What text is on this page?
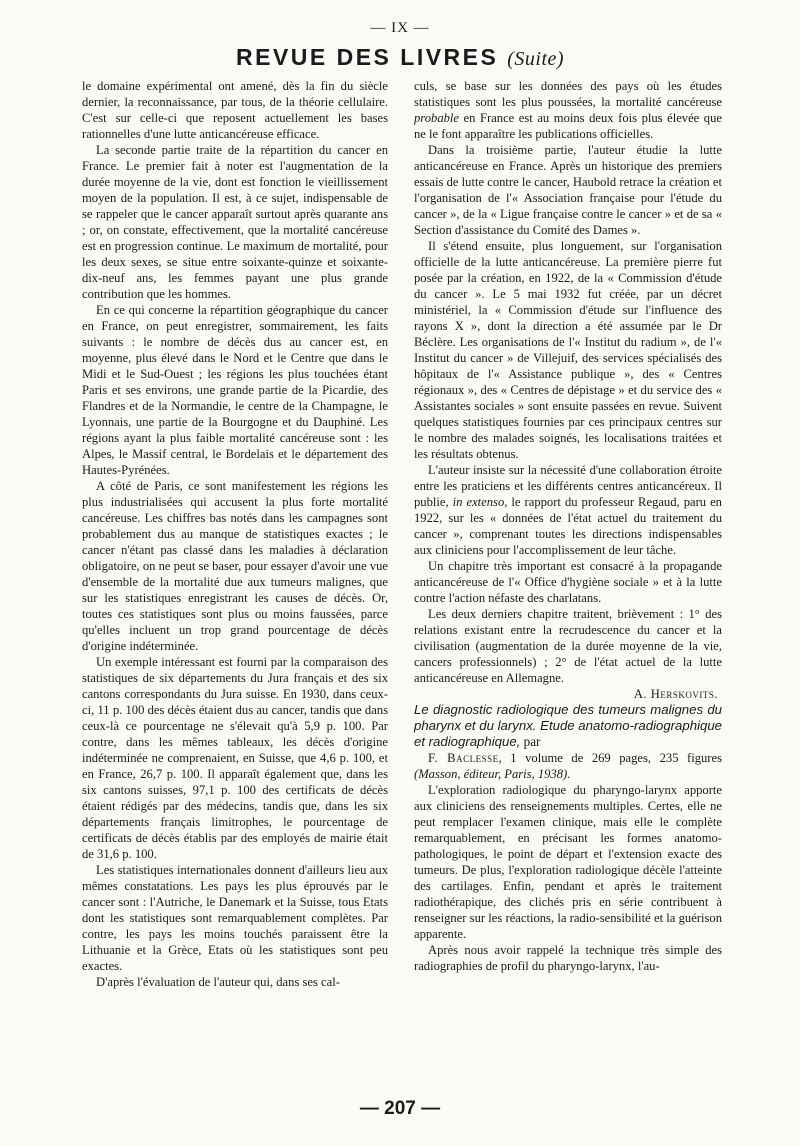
— IX —
REVUE DES LIVRES (Suite)

le domaine expérimental ont amené, dès la fin du siècle dernier, la reconnaissance, par tous, de la théorie cellulaire. C'est sur celle-ci que reposent actuellement les bases rationnelles d'une lutte anticancéreuse efficace.

La seconde partie traite de la répartition du cancer en France. Le premier fait à noter est l'augmentation de la durée moyenne de la vie, dont est fonction le vieillissement moyen de la population. Il est, à ce sujet, indispensable de se rappeler que le cancer apparaît surtout après quarante ans ; or, on constate, effectivement, que la mortalité cancéreuse est en progression continue. Le maximum de mortalité, pour les deux sexes, se situe entre soixante-quinze et soixante-dix-neuf ans, les femmes payant une plus grande contribution que les hommes.

En ce qui concerne la répartition géographique du cancer en France, on peut enregistrer, sommairement, les faits suivants : le nombre de décès dus au cancer est, en moyenne, plus élevé dans le Nord et le Centre que dans le Midi et le Sud-Ouest ; les régions les plus touchées étant Paris et ses environs, une grande partie de la Picardie, des Flandres et de la Normandie, le centre de la Champagne, le Lyonnais, une partie de la Bourgogne et du Dauphiné. Les régions ayant la plus faible mortalité cancéreuse sont : les Alpes, le Massif central, le Bordelais et le département des Hautes-Pyrénées.

A côté de Paris, ce sont manifestement les régions les plus industrialisées qui accusent la plus forte mortalité cancéreuse. Les chiffres bas notés dans les campagnes sont probablement dus au manque de statistiques exactes ; le cancer n'étant pas classé dans les maladies à déclaration obligatoire, on ne peut se baser, pour essayer d'avoir une vue d'ensemble de la mortalité due aux tumeurs malignes, que sur les statistiques enregistrant les causes de décès. Or, toutes ces statistiques sont plus ou moins faussées, parce qu'elles incluent un trop grand pourcentage de décès d'origine indéterminée.

Un exemple intéressant est fourni par la comparaison des statistiques de six départements du Jura français et des six cantons correspondants du Jura suisse. En 1930, dans ceux-ci, 11 p. 100 des décès étaient dus au cancer, tandis que dans ceux-là ce pourcentage ne s'élevait qu'à 5,9 p. 100. Par contre, dans les mêmes tableaux, les décès d'origine indéterminée ne comprenaient, en Suisse, que 4,6 p. 100, et en France, 26,7 p. 100. Il apparaît également que, dans les six cantons suisses, 97,1 p. 100 des certificats de décès étaient rédigés par des médecins, tandis que, dans les six départements français limitrophes, le pourcentage de certificats de décès établis par des employés de mairie était de 31,6 p. 100.

Les statistiques internationales donnent d'ailleurs lieu aux mêmes constatations. Les pays les plus éprouvés par le cancer sont : l'Autriche, le Danemark et la Suisse, tous Etats dont les statistiques sont remarquablement complètes. Par contre, les pays les moins touchés paraissent être la Lithuanie et la Grèce, Etats où les statistiques sont peu exactes.

D'après l'évaluation de l'auteur qui, dans ses cal-

culs, se base sur les données des pays où les études statistiques sont les plus poussées, la mortalité cancéreuse probable en France est au moins deux fois plus élevée que ne le font apparaître les publications officielles.

Dans la troisième partie, l'auteur étudie la lutte anticancéreuse en France. Après un historique des premiers essais de lutte contre le cancer, Haubold retrace la création et l'organisation de l'« Association française pour l'étude du cancer », de la « Ligue française contre le cancer » et de sa « Section d'assistance du Comité des Dames ».

Il s'étend ensuite, plus longuement, sur l'organisation officielle de la lutte anticancéreuse. La première pierre fut posée par la création, en 1922, de la « Commission d'étude du cancer ». Le 5 mai 1932 fut créée, par un décret ministériel, la « Commission d'étude sur l'influence des rayons X », dont la direction a été assumée par le Dr Béclère. Les organisations de l'« Institut du radium », de l'« Institut du cancer » de Villejuif, des services spécialisés des hôpitaux de l'« Assistance publique », des « Centres régionaux », des « Centres de dépistage » et du service des « Assistantes sociales » sont ensuite passées en revue. Suivent quelques statistiques fournies par ces principaux centres sur le nombre des malades soignés, les localisations traitées et les résultats obtenus.

L'auteur insiste sur la nécessité d'une collaboration étroite entre les praticiens et les différents centres anticancéreux. Il publie, in extenso, le rapport du professeur Regaud, paru en 1922, sur les « données de l'état actuel du traitement du cancer », comprenant toutes les directions indispensables aux cliniciens pour l'accomplissement de leur tâche.

Un chapitre très important est consacré à la propagande anticancéreuse de l'« Office d'hygiène sociale » et à la lutte contre l'action néfaste des charlatans.

Les deux derniers chapitre traitent, brièvement : 1° des relations existant entre la recrudescence du cancer et la civilisation (augmentation de la durée moyenne de la vie, cancers professionnels) ; 2° de l'état actuel de la lutte anticancéreuse en Allemagne.

A. Herskovits.

Le diagnostic radiologique des tumeurs malignes du pharynx et du larynx. Etude anatomo-radiographique et radiographique, par

F. Baclesse, 1 volume de 269 pages, 235 figures (Masson, éditeur, Paris, 1938).

L'exploration radiologique du pharyngo-larynx apporte aux cliniciens des renseignements multiples. Certes, elle ne peut remplacer l'examen clinique, mais elle le complète remarquablement, en précisant les formes anatomo-pathologiques, le point de départ et l'extension exacte des tumeurs. De plus, l'exploration radiologique décèle l'atteinte des cartilages. Enfin, pendant et après le traitement radiothérapique, des clichés pris en série contribuent à renseigner sur les réactions, la radio-sensibilité et la guérison apparente.

Après nous avoir rappelé la technique très simple des radiographies de profil du pharyngo-larynx, l'au-

— 207 —
